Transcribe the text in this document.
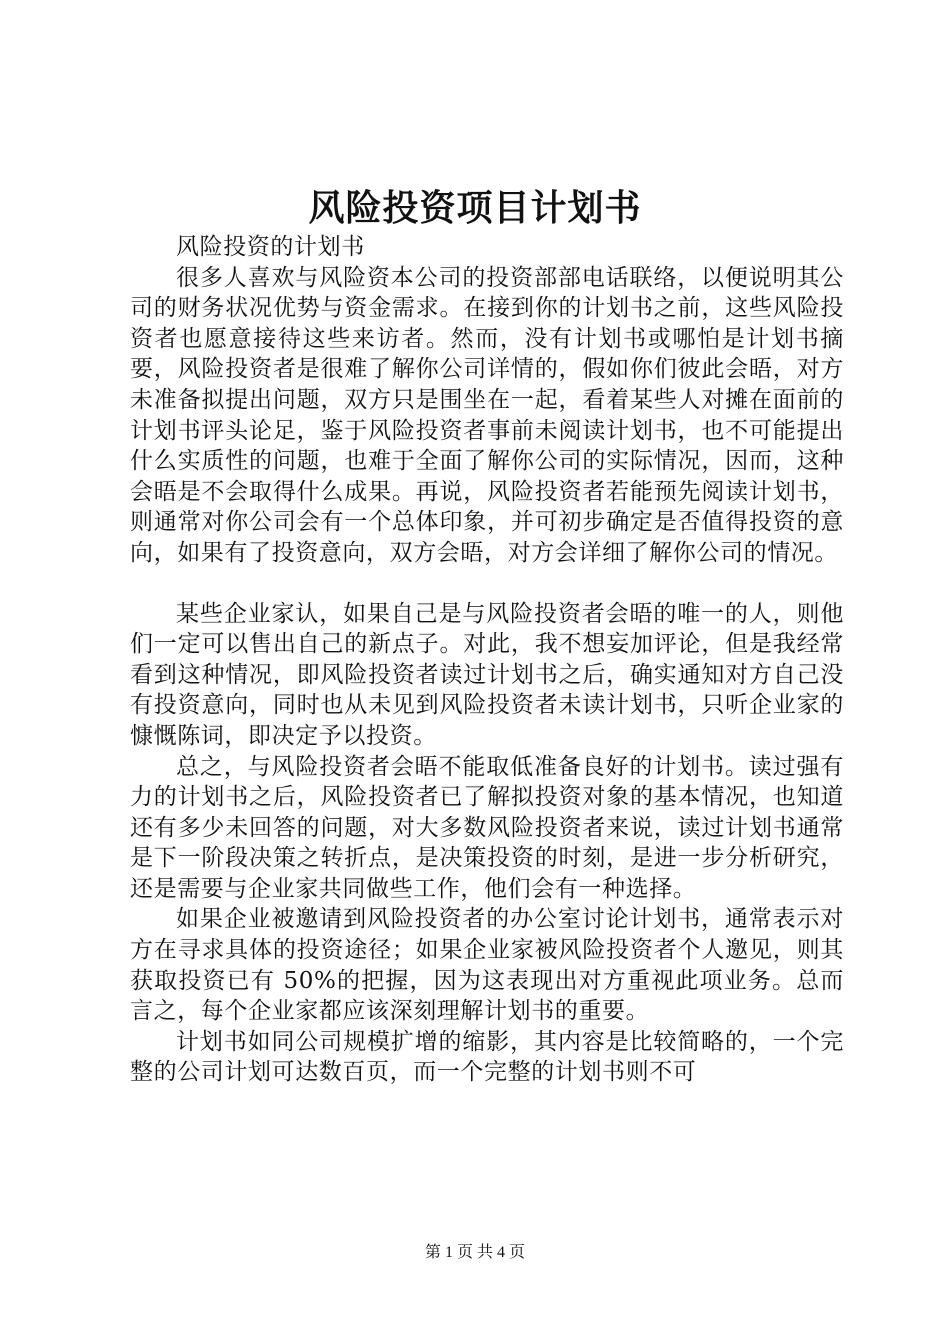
风险投资项目计划书

风险投资的计划书

很多人喜欢与风险资本公司的投资部部电话联络，以便说明其公司的财务状况优势与资金需求。在接到你的计划书之前，这些风险投资者也愿意接待这些来访者。然而，没有计划书或哪怕是计划书摘要，风险投资者是很难了解你公司详情的，假如你们彼此会晤，对方未准备拟提出问题，双方只是围坐在一起，看着某些人对摊在面前的计划书评头论足，鉴于风险投资者事前未阅读计划书，也不可能提出什么实质性的问题，也难于全面了解你公司的实际情况，因而，这种会晤是不会取得什么成果。再说，风险投资者若能预先阅读计划书，则通常对你公司会有一个总体印象，并可初步确定是否值得投资的意向，如果有了投资意向，双方会晤，对方会详细了解你公司的情况。

某些企业家认，如果自己是与风险投资者会晤的唯一的人，则他们一定可以售出自己的新点子。对此，我不想妄加评论，但是我经常看到这种情况，即风险投资者读过计划书之后，确实通知对方自己没有投资意向，同时也从未见到风险投资者未读计划书，只听企业家的慷慨陈词，即决定予以投资。

总之，与风险投资者会晤不能取低准备良好的计划书。读过强有力的计划书之后，风险投资者已了解拟投资对象的基本情况，也知道还有多少未回答的问题，对大多数风险投资者来说，读过计划书通常是下一阶段决策之转折点，是决策投资的时刻，是进一步分析研究，还是需要与企业家共同做些工作，他们会有一种选择。

如果企业被邀请到风险投资者的办公室讨论计划书，通常表示对方在寻求具体的投资途径；如果企业家被风险投资者个人邀见，则其获取投资已有 50%的把握，因为这表现出对方重视此项业务。总而言之，每个企业家都应该深刻理解计划书的重要。

计划书如同公司规模扩增的缩影，其内容是比较简略的，一个完整的公司计划可达数百页，而一个完整的计划书则不可

第 1 页 共 4 页
